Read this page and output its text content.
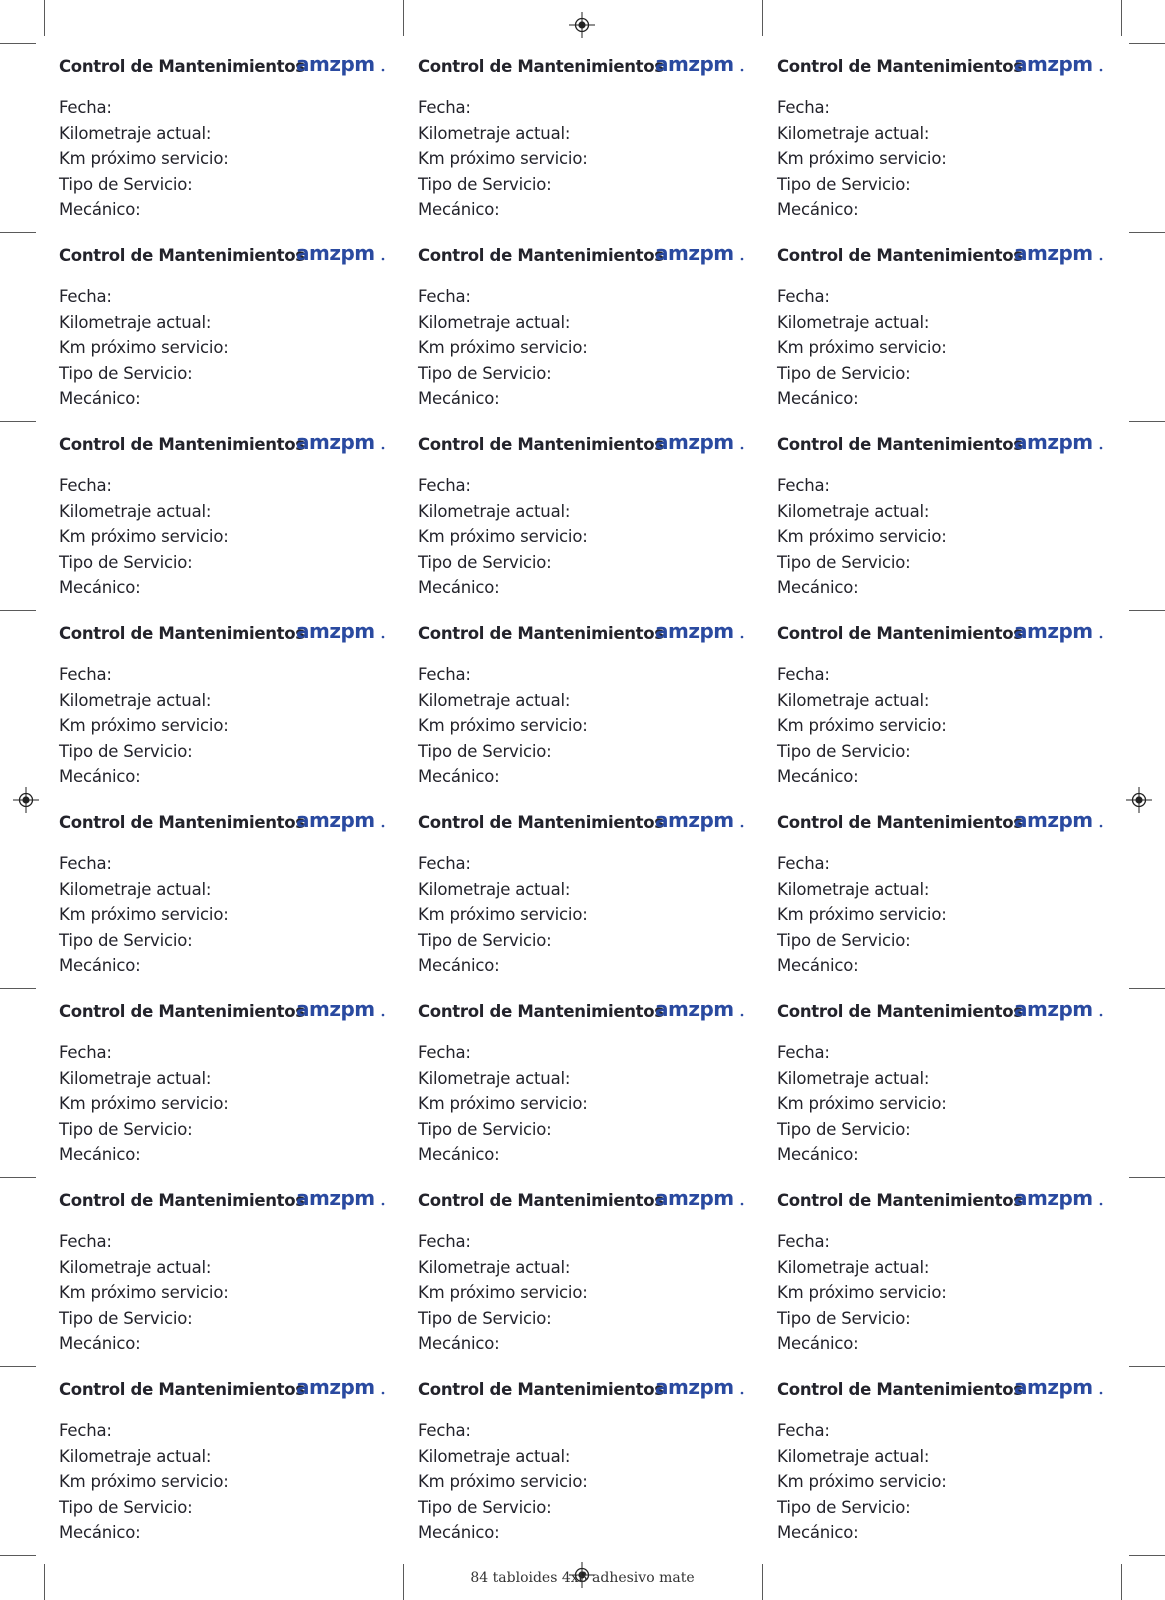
Control de Mantenimientos
amzpm
Fecha:
Kilometraje actual:
Km próximo servicio:
Tipo de Servicio:
Mecánico:
Control de Mantenimientos
amzpm
Fecha:
Kilometraje actual:
Km próximo servicio:
Tipo de Servicio:
Mecánico:
Control de Mantenimientos
amzpm
Fecha:
Kilometraje actual:
Km próximo servicio:
Tipo de Servicio:
Mecánico:
Control de Mantenimientos
amzpm
Fecha:
Kilometraje actual:
Km próximo servicio:
Tipo de Servicio:
Mecánico:
Control de Mantenimientos
amzpm
Fecha:
Kilometraje actual:
Km próximo servicio:
Tipo de Servicio:
Mecánico:
Control de Mantenimientos
amzpm
Fecha:
Kilometraje actual:
Km próximo servicio:
Tipo de Servicio:
Mecánico:
Control de Mantenimientos
amzpm
Fecha:
Kilometraje actual:
Km próximo servicio:
Tipo de Servicio:
Mecánico:
Control de Mantenimientos
amzpm
Fecha:
Kilometraje actual:
Km próximo servicio:
Tipo de Servicio:
Mecánico:
Control de Mantenimientos
amzpm
Fecha:
Kilometraje actual:
Km próximo servicio:
Tipo de Servicio:
Mecánico:
Control de Mantenimientos
amzpm
Fecha:
Kilometraje actual:
Km próximo servicio:
Tipo de Servicio:
Mecánico:
Control de Mantenimientos
amzpm
Fecha:
Kilometraje actual:
Km próximo servicio:
Tipo de Servicio:
Mecánico:
Control de Mantenimientos
amzpm
Fecha:
Kilometraje actual:
Km próximo servicio:
Tipo de Servicio:
Mecánico:
Control de Mantenimientos
amzpm
Fecha:
Kilometraje actual:
Km próximo servicio:
Tipo de Servicio:
Mecánico:
Control de Mantenimientos
amzpm
Fecha:
Kilometraje actual:
Km próximo servicio:
Tipo de Servicio:
Mecánico:
Control de Mantenimientos
amzpm
Fecha:
Kilometraje actual:
Km próximo servicio:
Tipo de Servicio:
Mecánico:
Control de Mantenimientos
amzpm
Fecha:
Kilometraje actual:
Km próximo servicio:
Tipo de Servicio:
Mecánico:
Control de Mantenimientos
amzpm
Fecha:
Kilometraje actual:
Km próximo servicio:
Tipo de Servicio:
Mecánico:
Control de Mantenimientos
amzpm
Fecha:
Kilometraje actual:
Km próximo servicio:
Tipo de Servicio:
Mecánico:
Control de Mantenimientos
amzpm
Fecha:
Kilometraje actual:
Km próximo servicio:
Tipo de Servicio:
Mecánico:
Control de Mantenimientos
amzpm
Fecha:
Kilometraje actual:
Km próximo servicio:
Tipo de Servicio:
Mecánico:
Control de Mantenimientos
amzpm
Fecha:
Kilometraje actual:
Km próximo servicio:
Tipo de Servicio:
Mecánico:
Control de Mantenimientos
amzpm
Fecha:
Kilometraje actual:
Km próximo servicio:
Tipo de Servicio:
Mecánico:
Control de Mantenimientos
amzpm
Fecha:
Kilometraje actual:
Km próximo servicio:
Tipo de Servicio:
Mecánico:
Control de Mantenimientos
amzpm
Fecha:
Kilometraje actual:
Km próximo servicio:
Tipo de Servicio:
Mecánico:
84 tabloides 4x8 adhesivo mate
